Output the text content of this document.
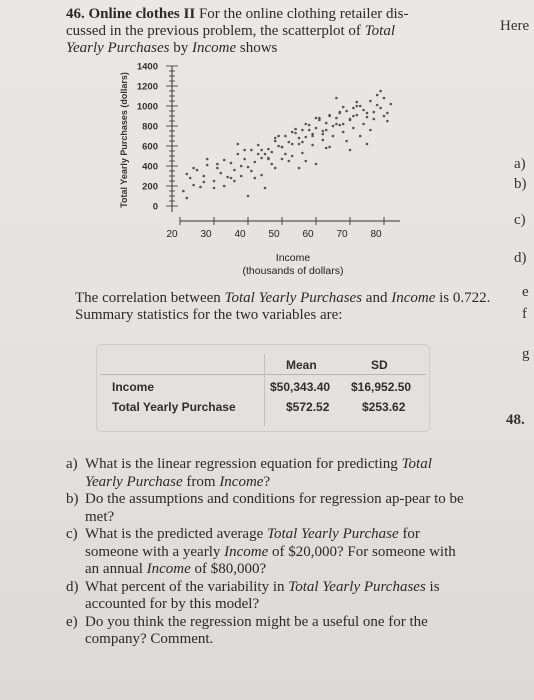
Here
a)
b)
c)
d)
e
f
g
48.
46. Online clothes II For the online clothing retailer dis-
cussed in the previous problem, the scatterplot of Total
Yearly Purchases by Income shows
0
200
400
600
800
1000
1200
1400
20 30 40 50 60 70 80
Total Yearly Purchases (dollars)
Income
(thousands of dollars)
The correlation between Total Yearly Purchases and Income is 0.722. Summary statistics for the two variables are:
Mean	SD
Income	$50,343.40 $16,952.50
Total Yearly Purchase	$572.52	$253.62
a) What is the linear regression equation for predicting Total Yearly Purchase from Income?
b) Do the assumptions and conditions for regression ap-pear to be met?
c) What is the predicted average Total Yearly Purchase for someone with a yearly Income of $20,000? For someone with an annual Income of $80,000?
d) What percent of the variability in Total Yearly Purchases is accounted for by this model?
e) Do you think the regression might be a useful one for the company? Comment.
